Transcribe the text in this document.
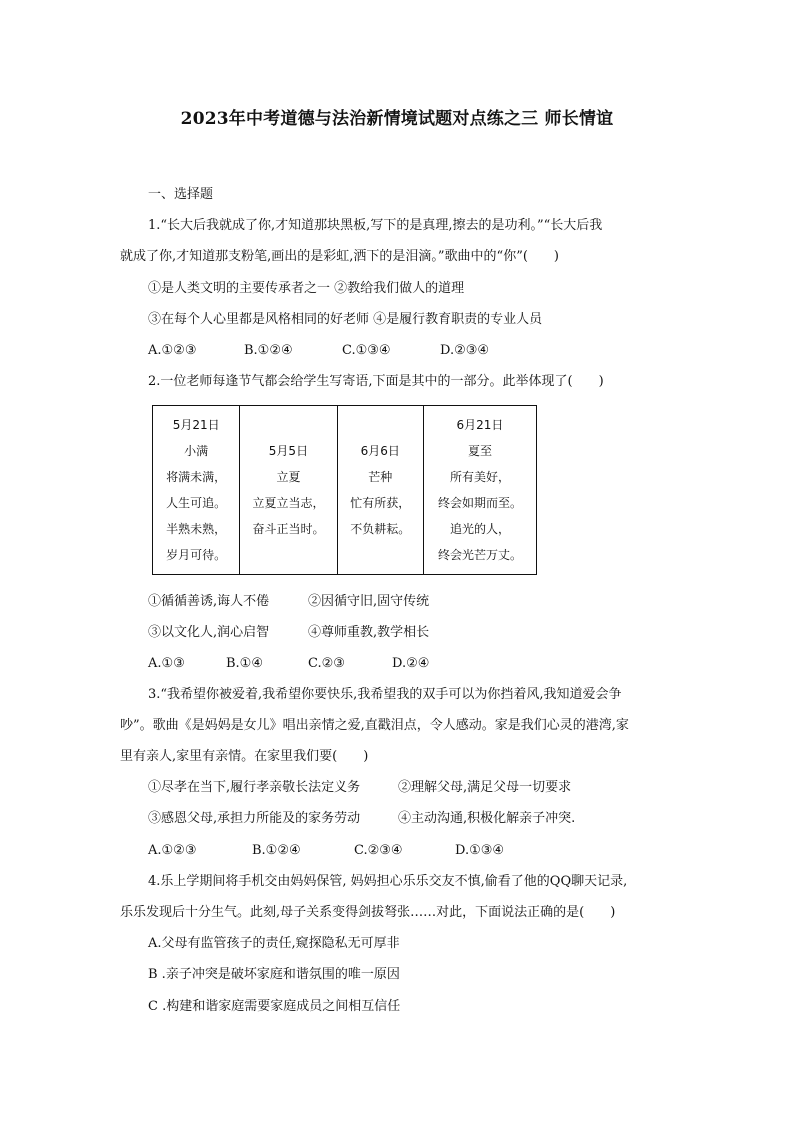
2023年中考道德与法治新情境试题对点练之三 师长情谊
一、选择题
1.“长大后我就成了你,才知道那块黑板,写下的是真理,擦去的是功利。”“长大后我
就成了你,才知道那支粉笔,画出的是彩虹,洒下的是泪滴。”歌曲中的“你”(　　)
①是人类文明的主要传承者之一 ②教给我们做人的道理
③在每个人心里都是风格相同的好老师 ④是履行教育职责的专业人员
A.①②③	B.①②④	C.①③④	D.②③④
2.一位老师每逢节气都会给学生写寄语,下面是其中的一部分。此举体现了(　　)
5月21日
小满
将满未满，
人生可追。
半熟未熟，
岁月可待。

5月5日
立夏
立夏立当志，
奋斗正当时。

6月6日
芒种
忙有所获，
不负耕耘。

6月21日
夏至
所有美好，
终会如期而至。
追光的人，
终会光芒万丈。
①循循善诱,诲人不倦	②因循守旧,固守传统
③以文化人,润心启智	④尊师重教,教学相长
A.①③	B.①④	C.②③	D.②④
3.“我希望你被爱着,我希望你要快乐,我希望我的双手可以为你挡着风,我知道爱会争
吵”。歌曲《是妈妈是女儿》唱出亲情之爱,直戳泪点，令人感动。家是我们心灵的港湾,家
里有亲人,家里有亲情。在家里我们要(　　)
①尽孝在当下,履行孝亲敬长法定义务	②理解父母,满足父母一切要求
③感恩父母,承担力所能及的家务劳动	④主动沟通,积极化解亲子冲突.
A.①②③	B.①②④	C.②③④	D.①③④
4.乐上学期间将手机交由妈妈保管, 妈妈担心乐乐交友不慎,偷看了他的QQ聊天记录,
乐乐发现后十分生气。此刻,母子关系变得剑拔弩张……对此，下面说法正确的是(　　)
A.父母有监管孩子的责任,窥探隐私无可厚非
B .亲子冲突是破坏家庭和谐氛围的唯一原因
C .构建和谐家庭需要家庭成员之间相互信任
